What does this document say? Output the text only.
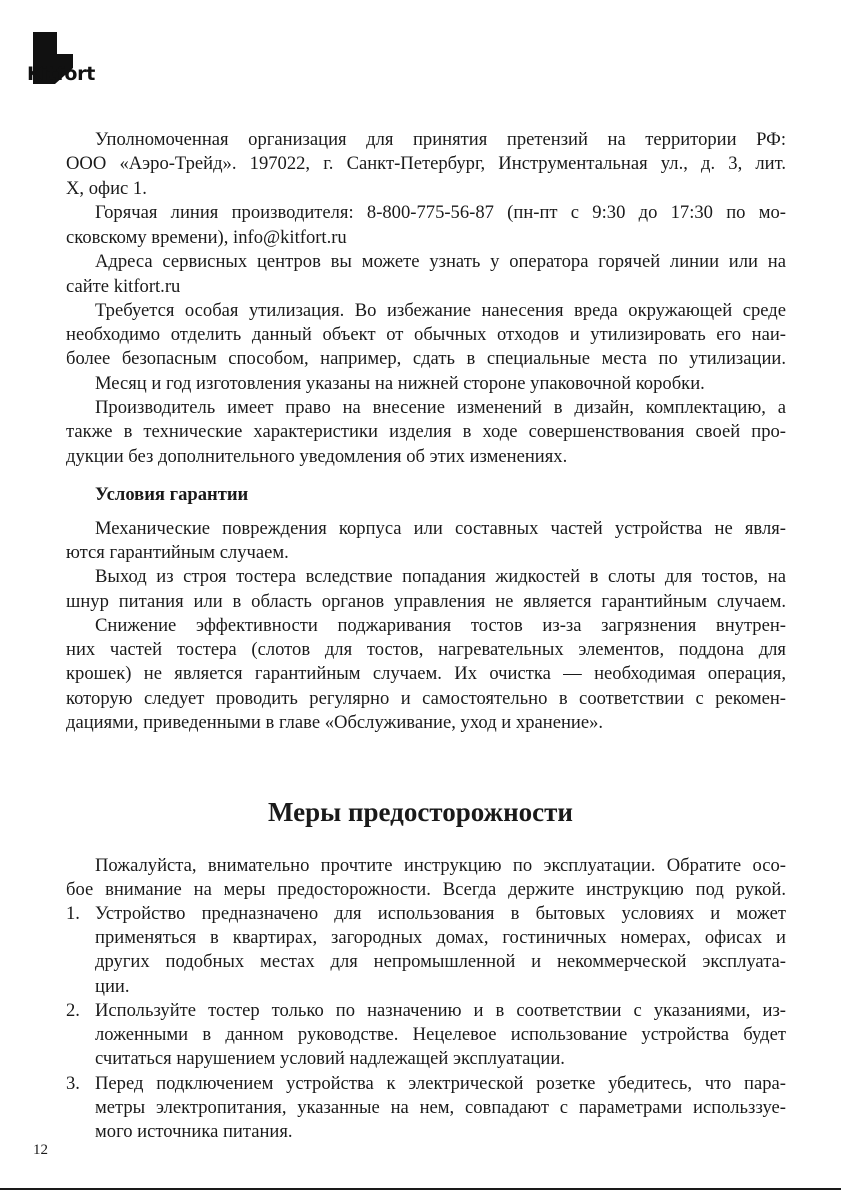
Kitfort
Уполномоченная организация для принятия претензий на территории РФ:
ООО «Аэро-Трейд». 197022, г. Санкт-Петербург, Инструментальная ул., д. 3, лит.
Х, офис 1.
Горячая линия производителя: 8-800-775-56-87 (пн-пт с 9:30 до 17:30 по мо-
сковскому времени), info@kitfort.ru
Адреса сервисных центров вы можете узнать у оператора горячей линии или на
сайте kitfort.ru
Требуется особая утилизация. Во избежание нанесения вреда окружающей среде
необходимо отделить данный объект от обычных отходов и утилизировать его наи-
более безопасным способом, например, сдать в специальные места по утилизации.
Месяц и год изготовления указаны на нижней стороне упаковочной коробки.
Производитель имеет право на внесение изменений в дизайн, комплектацию, а
также в технические характеристики изделия в ходе совершенствования своей про-
дукции без дополнительного уведомления об этих изменениях.
Условия гарантии
Механические повреждения корпуса или составных частей устройства не явля-
ются гарантийным случаем.
Выход из строя тостера вследствие попадания жидкостей в слоты для тостов, на
шнур питания или в область органов управления не является гарантийным случаем.
Снижение эффективности поджаривания тостов из-за загрязнения внутрен-
них частей тостера (слотов для тостов, нагревательных элементов, поддона для
крошек) не является гарантийным случаем. Их очистка — необходимая операция,
которую следует проводить регулярно и самостоятельно в соответствии с рекомен-
дациями, приведенными в главе «Обслуживание, уход и хранение».
Меры предосторожности
Пожалуйста, внимательно прочтите инструкцию по эксплуатации. Обратите осо-
бое внимание на меры предосторожности. Всегда держите инструкцию под рукой.
1. Устройство предназначено для использования в бытовых условиях и может
применяться в квартирах, загородных домах, гостиничных номерах, офисах и
других подобных местах для непромышленной и некоммерческой эксплуата-
ции.
2. Используйте тостер только по назначению и в соответствии с указаниями, из-
ложенными в данном руководстве. Нецелевое использование устройства будет
считаться нарушением условий надлежащей эксплуатации.
3. Перед подключением устройства к электрической розетке убедитесь, что пара-
метры электропитания, указанные на нем, совпадают с параметрами использзуе-
мого источника питания.
12
